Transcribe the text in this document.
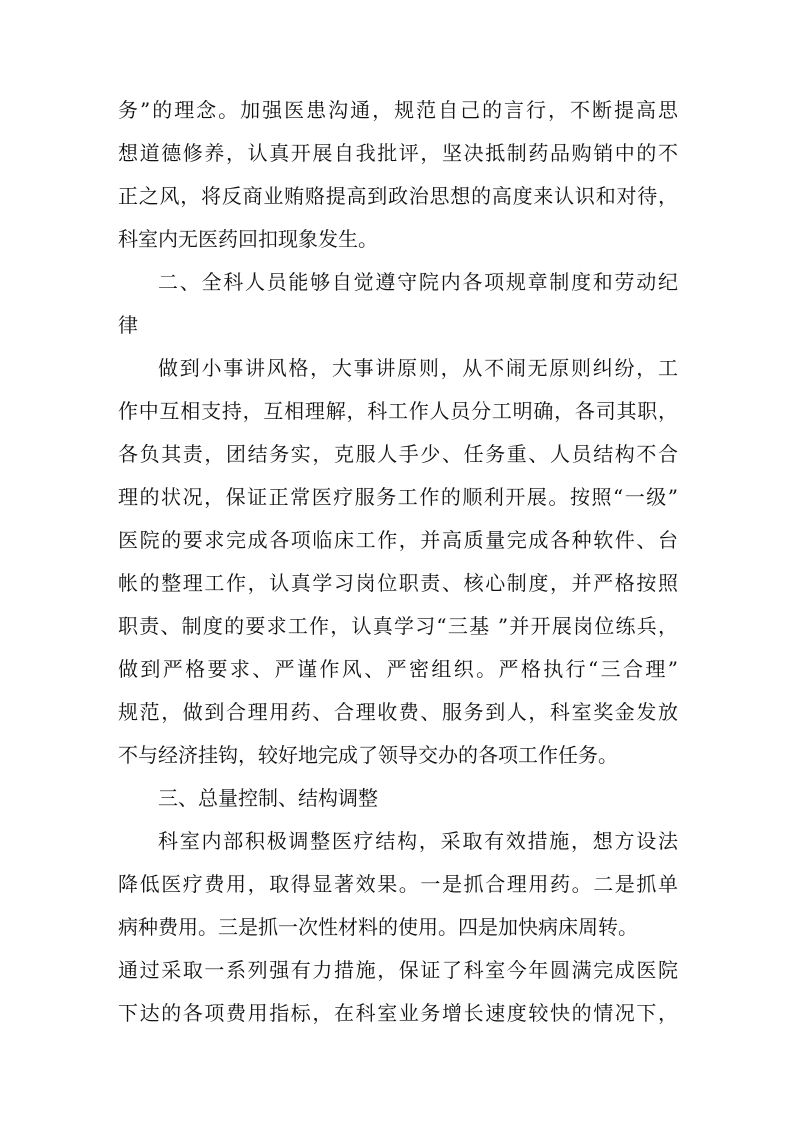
务”的理念。加强医患沟通，规范自己的言行，不断提高思
想道德修养，认真开展自我批评，坚决抵制药品购销中的不
正之风，将反商业贿赂提高到政治思想的高度来认识和对待，
科室内无医药回扣现象发生。
二、全科人员能够自觉遵守院内各项规章制度和劳动纪
律
做到小事讲风格，大事讲原则，从不闹无原则纠纷，工
作中互相支持，互相理解，科工作人员分工明确，各司其职，
各负其责，团结务实，克服人手少、任务重、人员结构不合
理的状况，保证正常医疗服务工作的顺利开展。按照“一级”
医院的要求完成各项临床工作，并高质量完成各种软件、台
帐的整理工作，认真学习岗位职责、核心制度，并严格按照
职责、制度的要求工作，认真学习“三基 ”并开展岗位练兵，
做到严格要求、严谨作风、严密组织。严格执行“三合理”
规范，做到合理用药、合理收费、服务到人，科室奖金发放
不与经济挂钩，较好地完成了领导交办的各项工作任务。
三、总量控制、结构调整
科室内部积极调整医疗结构，采取有效措施，想方设法
降低医疗费用，取得显著效果。一是抓合理用药。二是抓单
病种费用。三是抓一次性材料的使用。四是加快病床周转。
通过采取一系列强有力措施，保证了科室今年圆满完成医院
下达的各项费用指标，在科室业务增长速度较快的情况下，
